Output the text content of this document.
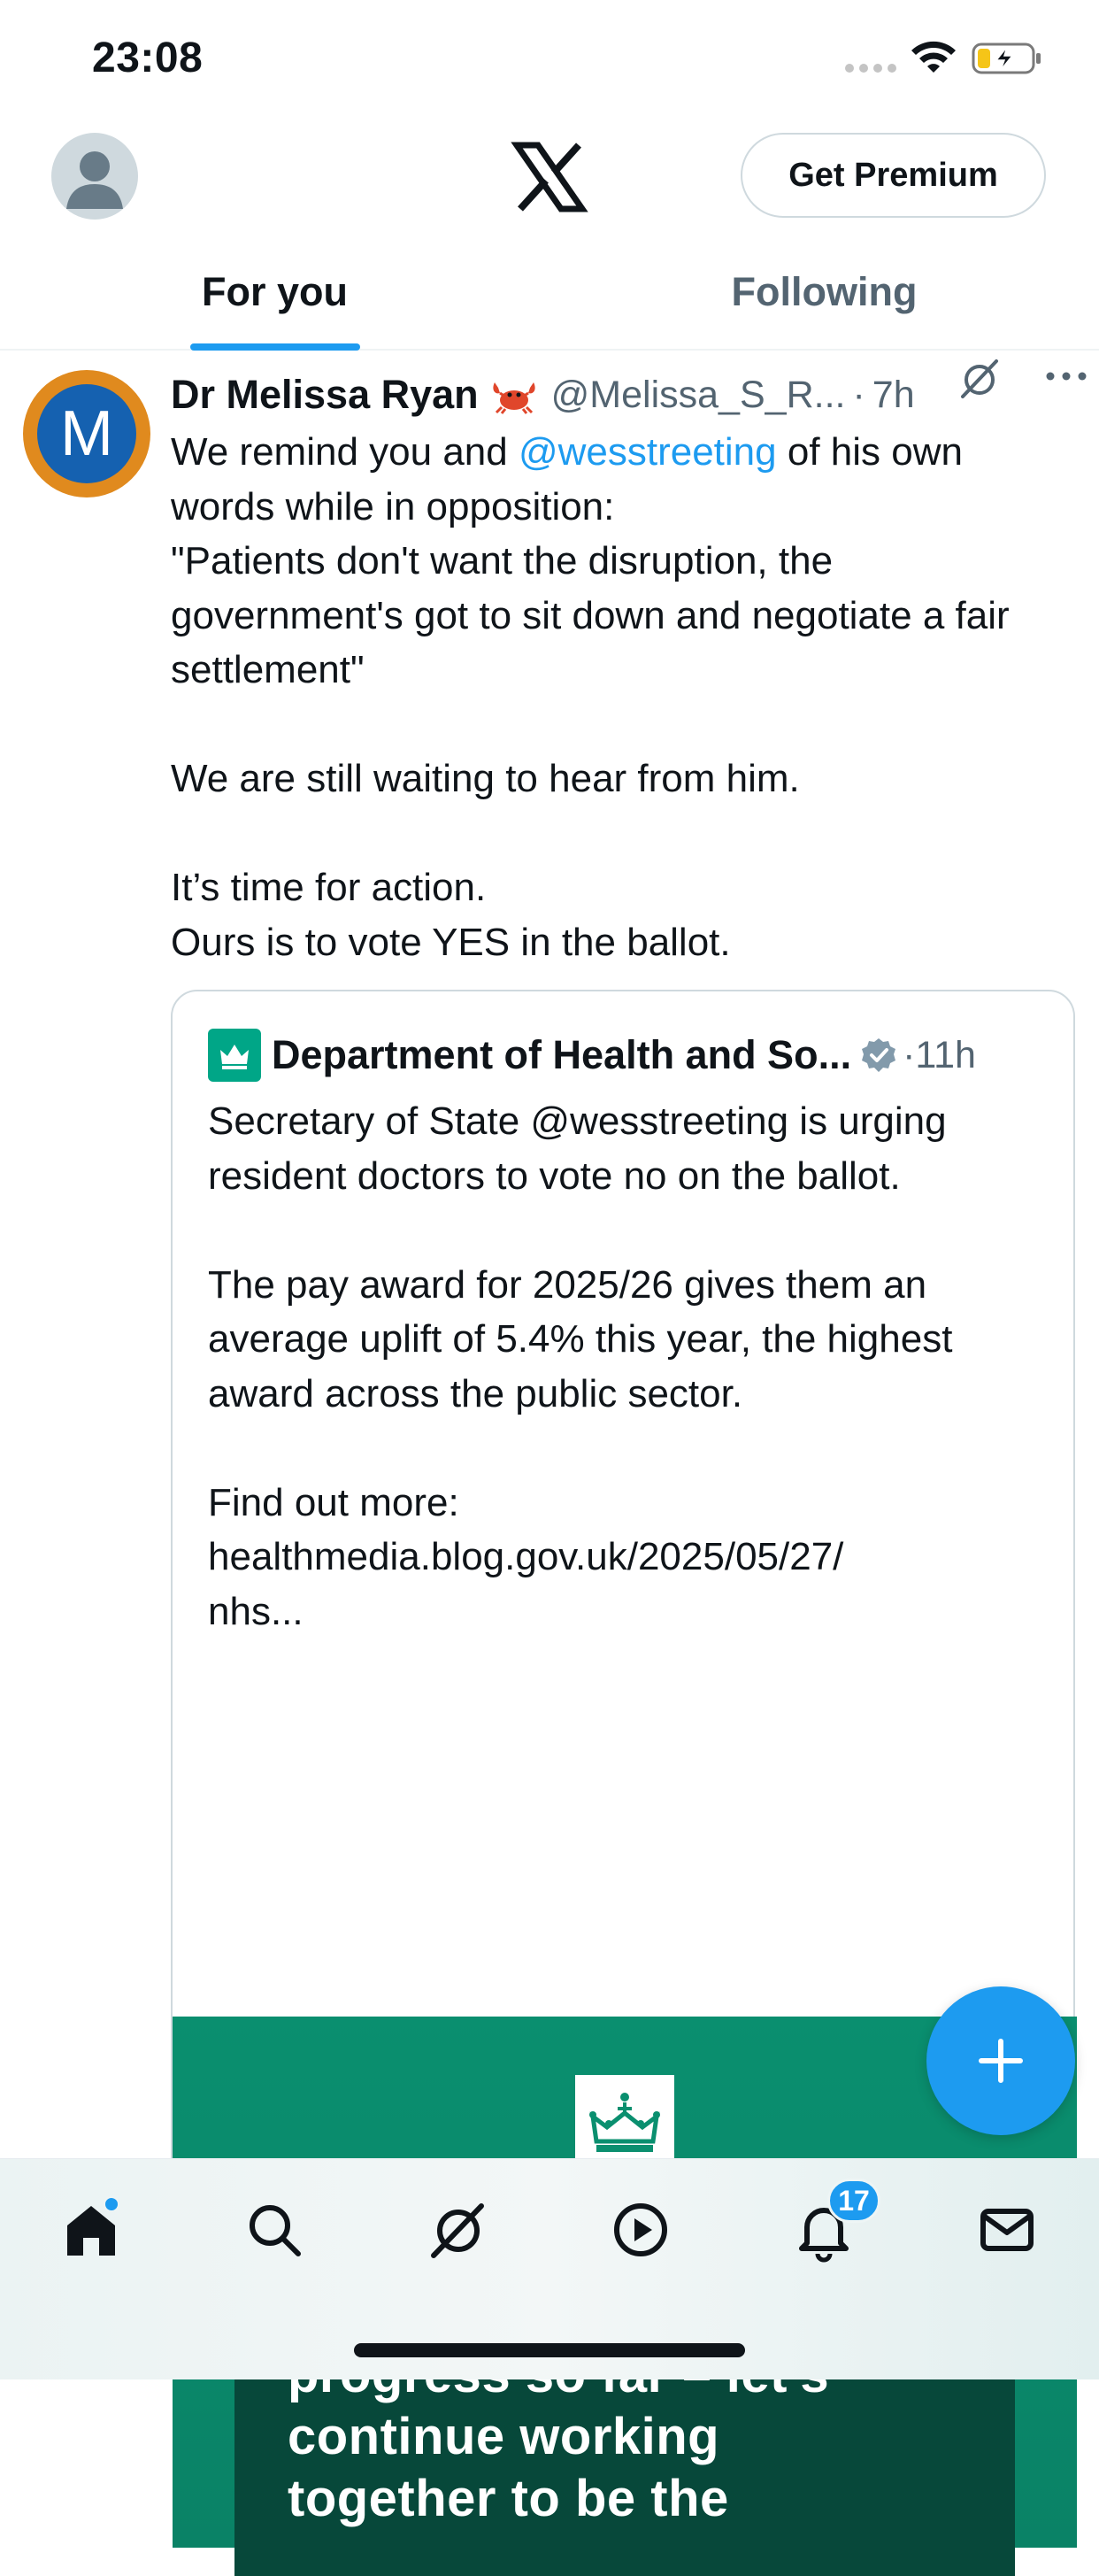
23:08
Get Premium
For you	Following
M
Dr Melissa Ryan @Melissa_S_R... · 7h
We remind you and @wesstreeting of his own words while in opposition:
"Patients don't want the disruption, the government's got to sit down and negotiate a fair settlement"

We are still waiting to hear from him.

It’s time for action.
Ours is to vote YES in the ballot.
Department of Health and So... · 11h
Secretary of State @wesstreeting is urging resident doctors to vote no on the ballot.

The pay award for 2025/26 gives them an average uplift of 5.4% this year, the highest award across the public sector.

Find out more:
healthmedia.blog.gov.uk/2025/05/27/
nhs...

continue working
together to be the
17
